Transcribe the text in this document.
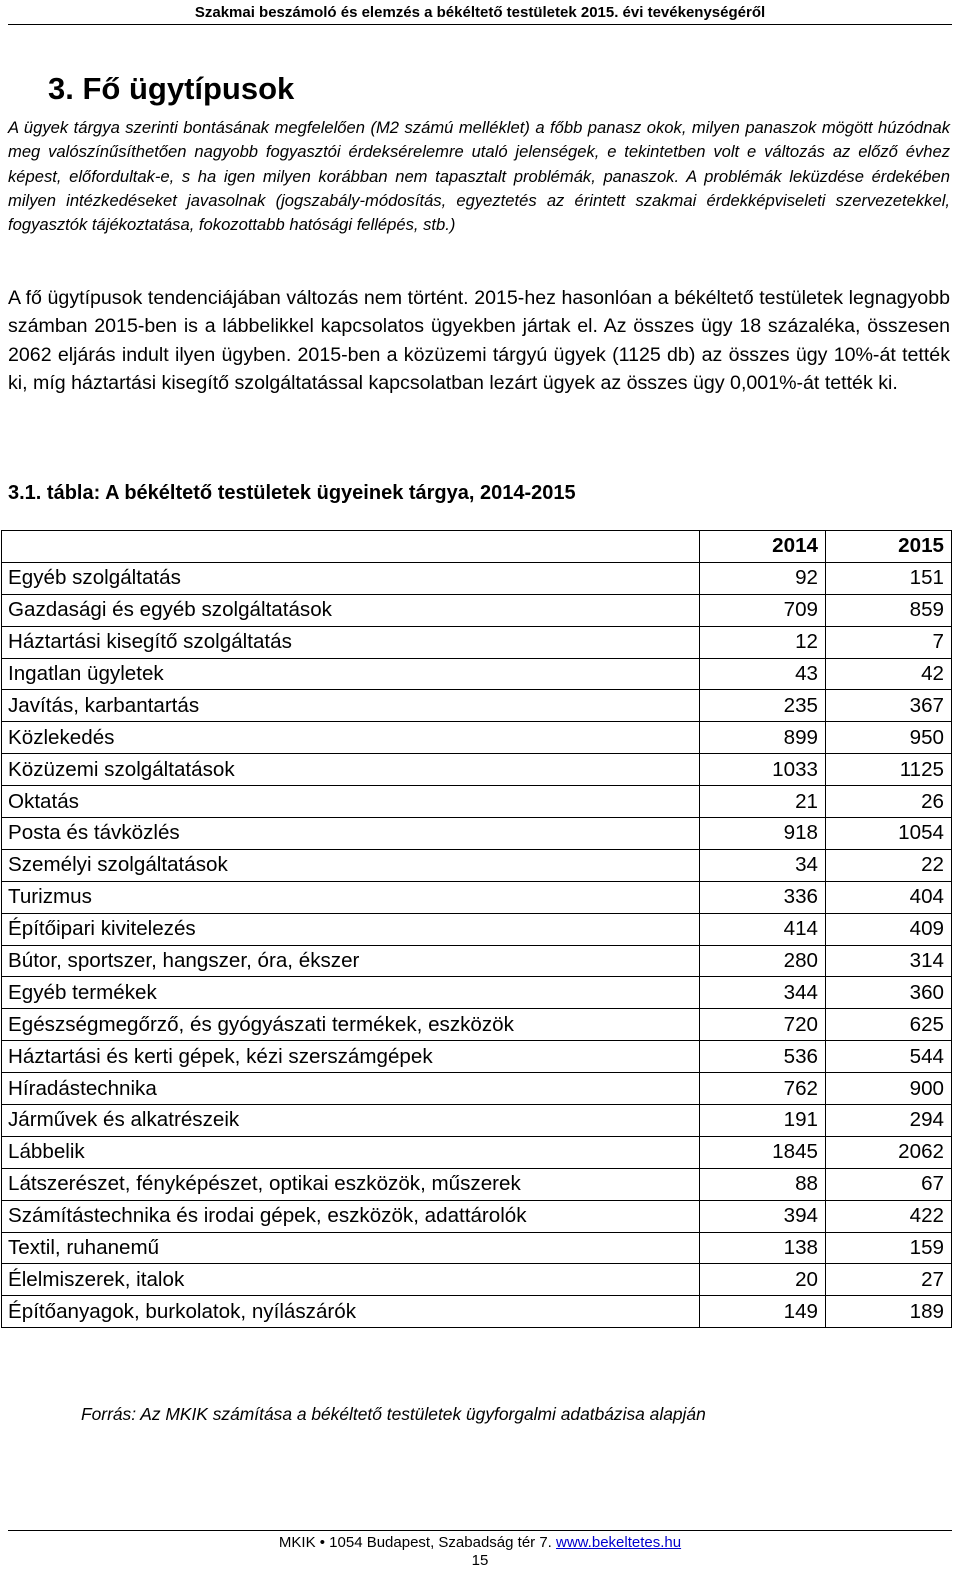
Szakmai beszámoló és elemzés a békéltető testületek 2015. évi tevékenységéről
3. Fő ügytípusok

A ügyek tárgya szerinti bontásának megfelelően (M2 számú melléklet) a főbb panasz okok, milyen panaszok mögött húzódnak meg valószínűsíthetően nagyobb fogyasztói érdeksérelemre utaló jelenségek, e tekintetben volt e változás az előző évhez képest, előfordultak-e, s ha igen milyen korábban nem tapasztalt problémák, panaszok. A problémák leküzdése érdekében milyen intézkedéseket javasolnak (jogszabály-módosítás, egyeztetés az érintett szakmai érdekképviseleti szervezetekkel, fogyasztók tájékoztatása, fokozottabb hatósági fellépés, stb.)

A fő ügytípusok tendenciájában változás nem történt. 2015-hez hasonlóan a békéltető testületek legnagyobb számban 2015-ben is a lábbelikkel kapcsolatos ügyekben jártak el. Az összes ügy 18 százaléka, összesen 2062 eljárás indult ilyen ügyben. 2015-ben a közüzemi tárgyú ügyek (1125 db) az összes ügy 10%-át tették ki, míg háztartási kisegítő szolgáltatással kapcsolatban lezárt ügyek az összes ügy 0,001%-át tették ki.

3.1. tábla: A békéltető testületek ügyeinek tárgya, 2014-2015

	2014	2015
Egyéb szolgáltatás	92	151
Gazdasági és egyéb szolgáltatások	709	859
Háztartási kisegítő szolgáltatás	12	7
Ingatlan ügyletek	43	42
Javítás, karbantartás	235	367
Közlekedés	899	950
Közüzemi szolgáltatások	1033	1125
Oktatás	21	26
Posta és távközlés	918	1054
Személyi szolgáltatások	34	22
Turizmus	336	404
Építőipari kivitelezés	414	409
Bútor, sportszer, hangszer, óra, ékszer	280	314
Egyéb termékek	344	360
Egészségmegőrző, és gyógyászati termékek, eszközök	720	625
Háztartási és kerti gépek, kézi szerszámgépek	536	544
Híradástechnika	762	900
Járművek és alkatrészeik	191	294
Lábbelik	1845	2062
Látszerészet, fényképészet, optikai eszközök, műszerek	88	67
Számítástechnika és irodai gépek, eszközök, adattárolók	394	422
Textil, ruhanemű	138	159
Élelmiszerek, italok	20	27
Építőanyagok, burkolatok, nyílászárók	149	189

Forrás: Az MKIK számítása a békéltető testületek ügyforgalmi adatbázisa alapján

MKIK • 1054 Budapest, Szabadság tér 7. www.bekeltetes.hu
15
